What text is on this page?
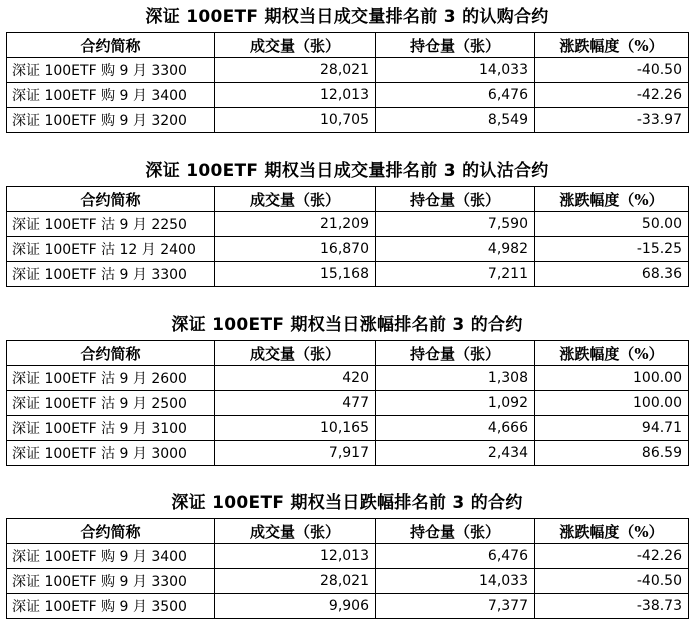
深证 100ETF 期权当日成交量排名前 3 的认购合约
合约简称	成交量（张）	持仓量（张）	涨跌幅度（%）
深证 100ETF 购 9 月 3300	28,021	14,033	-40.50
深证 100ETF 购 9 月 3400	12,013	6,476	-42.26
深证 100ETF 购 9 月 3200	10,705	8,549	-33.97
深证 100ETF 期权当日成交量排名前 3 的认沽合约
合约简称	成交量（张）	持仓量（张）	涨跌幅度（%）
深证 100ETF 沽 9 月 2250	21,209	7,590	50.00
深证 100ETF 沽 12 月 2400	16,870	4,982	-15.25
深证 100ETF 沽 9 月 3300	15,168	7,211	68.36
深证 100ETF 期权当日涨幅排名前 3 的合约
合约简称	成交量（张）	持仓量（张）	涨跌幅度（%）
深证 100ETF 沽 9 月 2600	420	1,308	100.00
深证 100ETF 沽 9 月 2500	477	1,092	100.00
深证 100ETF 沽 9 月 3100	10,165	4,666	94.71
深证 100ETF 沽 9 月 3000	7,917	2,434	86.59
深证 100ETF 期权当日跌幅排名前 3 的合约
合约简称	成交量（张）	持仓量（张）	涨跌幅度（%）
深证 100ETF 购 9 月 3400	12,013	6,476	-42.26
深证 100ETF 购 9 月 3300	28,021	14,033	-40.50
深证 100ETF 购 9 月 3500	9,906	7,377	-38.73
